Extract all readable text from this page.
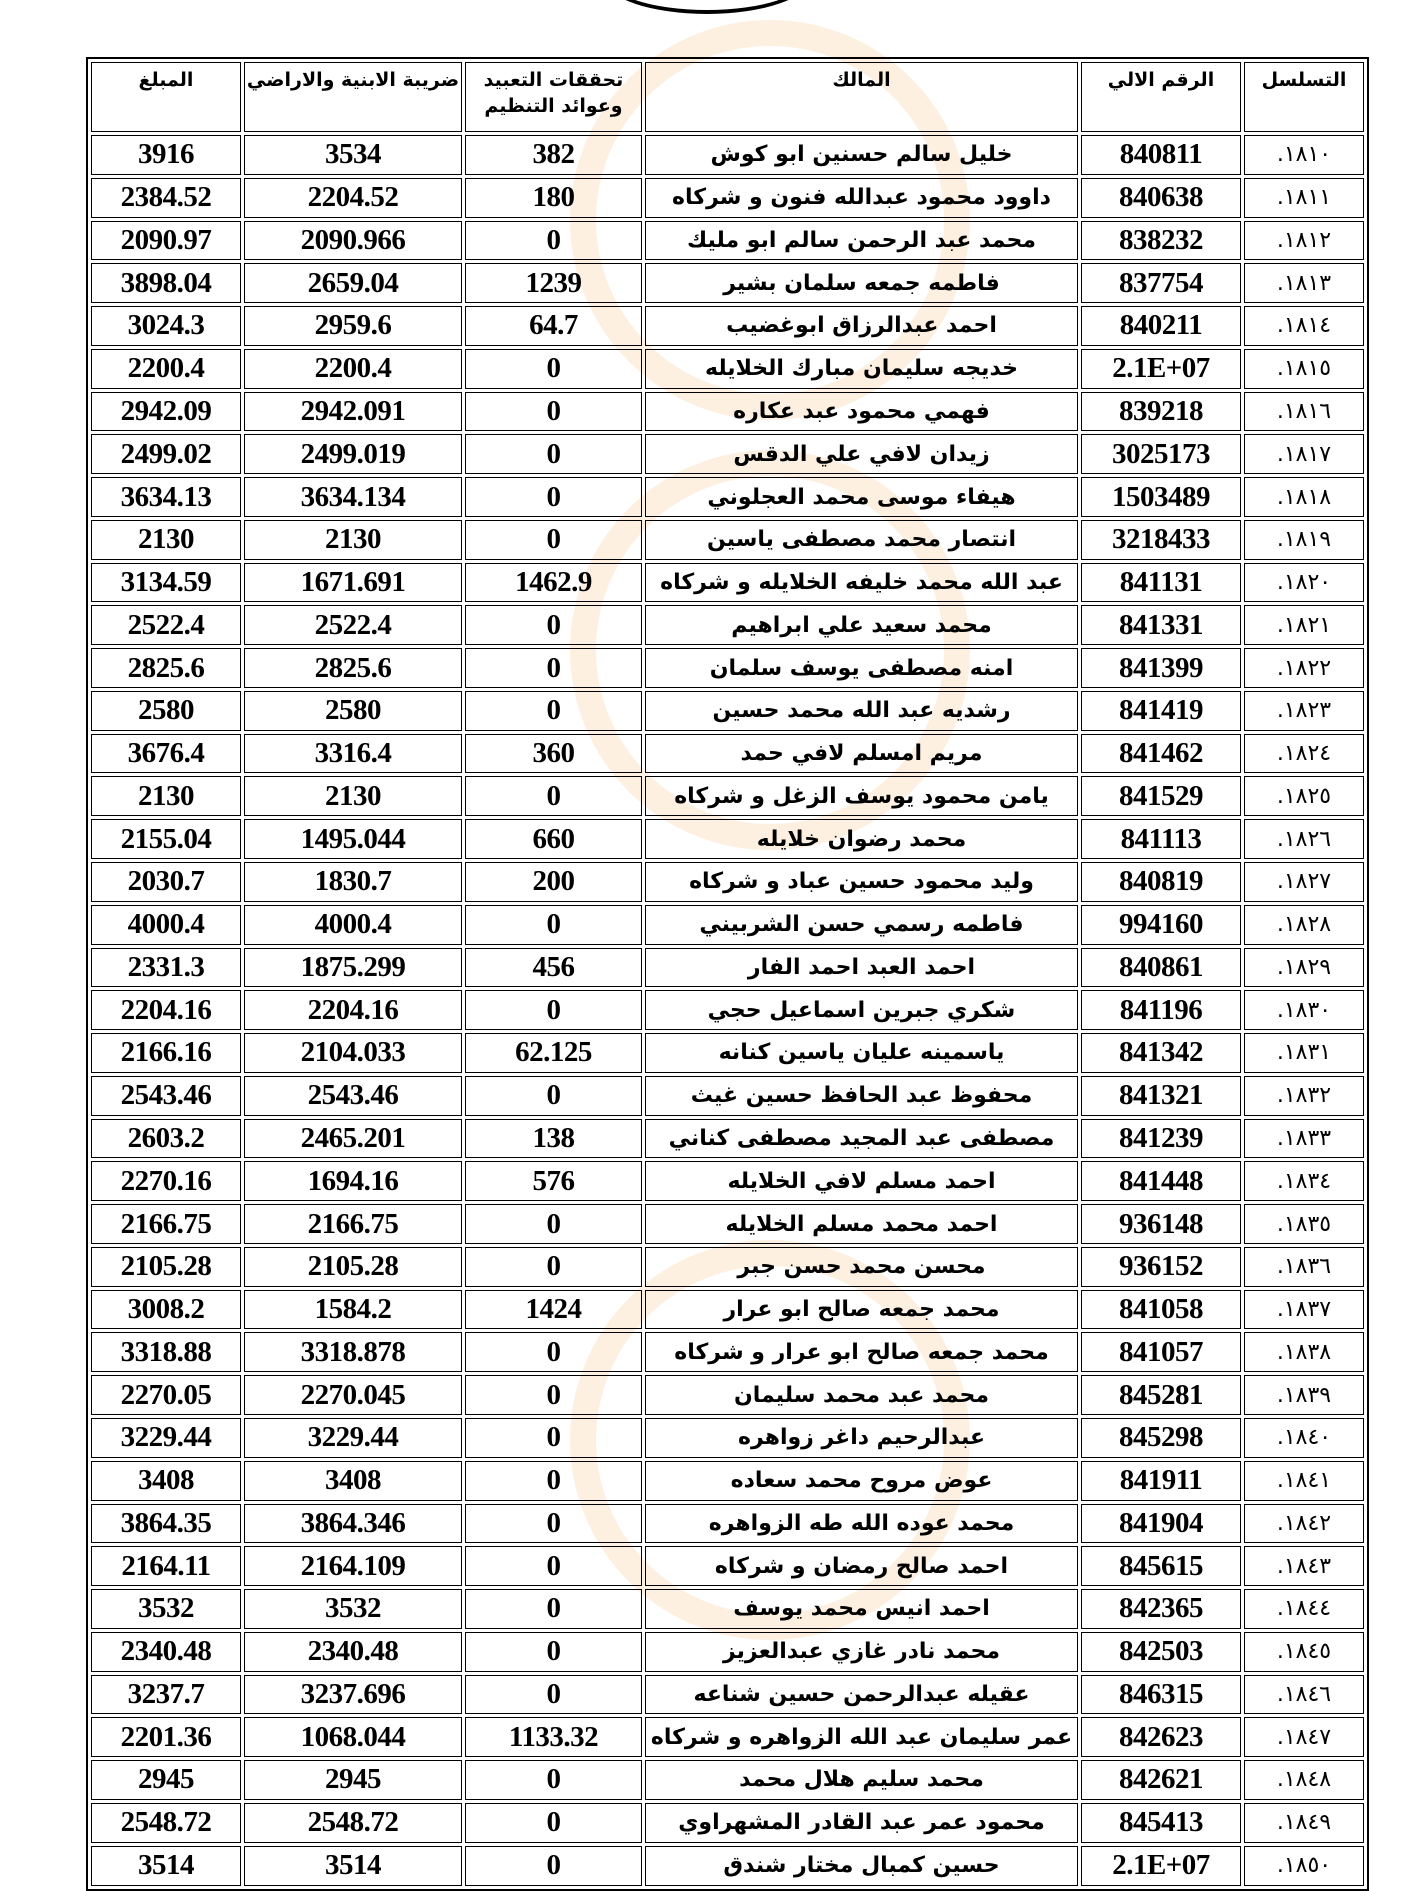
التسلسل	الرقم الالي	المالك	تحققات التعبيد وعوائد التنظيم	ضريبة الابنية والاراضي	المبلغ
١٨١٠.	840811	خليل سالم حسنين ابو كوش	382	3534	3916
١٨١١.	840638	داوود محمود عبدالله فنون و شركاه	180	2204.52	2384.52
١٨١٢.	838232	محمد عبد الرحمن سالم ابو مليك	0	2090.966	2090.97
١٨١٣.	837754	فاطمه جمعه سلمان بشير	1239	2659.04	3898.04
١٨١٤.	840211	احمد عبدالرزاق ابوغضيب	64.7	2959.6	3024.3
١٨١٥.	2.1E+07	خديجه سليمان مبارك الخلايله	0	2200.4	2200.4
١٨١٦.	839218	فهمي محمود عبد عكاره	0	2942.091	2942.09
١٨١٧.	3025173	زيدان لافي علي الدقس	0	2499.019	2499.02
١٨١٨.	1503489	هيفاء موسى محمد العجلوني	0	3634.134	3634.13
١٨١٩.	3218433	انتصار محمد مصطفى ياسين	0	2130	2130
١٨٢٠.	841131	عبد الله محمد خليفه الخلايله و شركاه	1462.9	1671.691	3134.59
١٨٢١.	841331	محمد سعيد علي ابراهيم	0	2522.4	2522.4
١٨٢٢.	841399	امنه مصطفى يوسف سلمان	0	2825.6	2825.6
١٨٢٣.	841419	رشديه عبد الله محمد حسين	0	2580	2580
١٨٢٤.	841462	مريم امسلم لافي حمد	360	3316.4	3676.4
١٨٢٥.	841529	يامن محمود يوسف الزغل و شركاه	0	2130	2130
١٨٢٦.	841113	محمد رضوان خلايله	660	1495.044	2155.04
١٨٢٧.	840819	وليد محمود حسين عباد و شركاه	200	1830.7	2030.7
١٨٢٨.	994160	فاطمه رسمي حسن الشربيني	0	4000.4	4000.4
١٨٢٩.	840861	احمد العبد احمد الفار	456	1875.299	2331.3
١٨٣٠.	841196	شكري جبرين اسماعيل حجي	0	2204.16	2204.16
١٨٣١.	841342	ياسمينه عليان ياسين كنانه	62.125	2104.033	2166.16
١٨٣٢.	841321	محفوظ عبد الحافظ حسين غيث	0	2543.46	2543.46
١٨٣٣.	841239	مصطفى عبد المجيد مصطفى كناني	138	2465.201	2603.2
١٨٣٤.	841448	احمد مسلم لافي الخلايله	576	1694.16	2270.16
١٨٣٥.	936148	احمد محمد مسلم الخلايله	0	2166.75	2166.75
١٨٣٦.	936152	محسن محمد حسن جبر	0	2105.28	2105.28
١٨٣٧.	841058	محمد جمعه صالح ابو عرار	1424	1584.2	3008.2
١٨٣٨.	841057	محمد جمعه صالح ابو عرار و شركاه	0	3318.878	3318.88
١٨٣٩.	845281	محمد عبد محمد سليمان	0	2270.045	2270.05
١٨٤٠.	845298	عبدالرحيم داغر زواهره	0	3229.44	3229.44
١٨٤١.	841911	عوض مروح محمد سعاده	0	3408	3408
١٨٤٢.	841904	محمد عوده الله طه الزواهره	0	3864.346	3864.35
١٨٤٣.	845615	احمد صالح رمضان و شركاه	0	2164.109	2164.11
١٨٤٤.	842365	احمد انيس محمد يوسف	0	3532	3532
١٨٤٥.	842503	محمد نادر غازي عبدالعزيز	0	2340.48	2340.48
١٨٤٦.	846315	عقيله عبدالرحمن حسين شناعه	0	3237.696	3237.7
١٨٤٧.	842623	عمر سليمان عبد الله الزواهره و شركاه	1133.32	1068.044	2201.36
١٨٤٨.	842621	محمد سليم هلال محمد	0	2945	2945
١٨٤٩.	845413	محمود عمر عبد القادر المشهراوي	0	2548.72	2548.72
١٨٥٠.	2.1E+07	حسين كمبال مختار شندق	0	3514	3514
